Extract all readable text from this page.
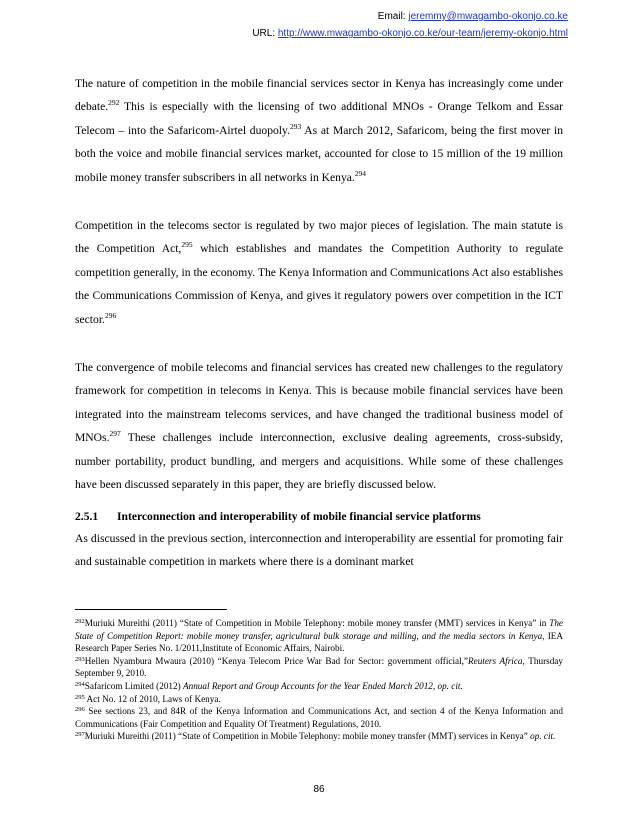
Email: jeremmy@mwagambo-okonjo.co.ke
URL: http://www.mwagambo-okonjo.co.ke/our-team/jeremy-okonjo.html

The nature of competition in the mobile financial services sector in Kenya has increasingly come under debate.$^{292}$ This is especially with the licensing of two additional MNOs - Orange Telkom and Essar Telecom – into the Safaricom-Airtel duopoly.$^{293}$ As at March 2012, Safaricom, being the first mover in both the voice and mobile financial services market, accounted for close to 15 million of the 19 million mobile money transfer subscribers in all networks in Kenya.$^{294}$

Competition in the telecoms sector is regulated by two major pieces of legislation. The main statute is the Competition Act,$^{295}$ which establishes and mandates the Competition Authority to regulate competition generally, in the economy. The Kenya Information and Communications Act also establishes the Communications Commission of Kenya, and gives it regulatory powers over competition in the ICT sector.$^{296}$

The convergence of mobile telecoms and financial services has created new challenges to the regulatory framework for competition in telecoms in Kenya. This is because mobile financial services have been integrated into the mainstream telecoms services, and have changed the traditional business model of MNOs.$^{297}$ These challenges include interconnection, exclusive dealing agreements, cross-subsidy, number portability, product bundling, and mergers and acquisitions. While some of these challenges have been discussed separately in this paper, they are briefly discussed below.

2.5.1 Interconnection and interoperability of mobile financial service platforms

As discussed in the previous section, interconnection and interoperability are essential for promoting fair and sustainable competition in markets where there is a dominant market

$^{292}$Muriuki Mureithi (2011) “State of Competition in Mobile Telephony: mobile money transfer (MMT) services in Kenya” in The State of Competition Report: mobile money transfer, agricultural bulk storage and milling, and the media sectors in Kenya, IEA Research Paper Series No. 1/2011,Institute of Economic Affairs, Nairobi.

$^{293}$Hellen Nyambura Mwaura (2010) “Kenya Telecom Price War Bad for Sector: government official,”Reuters Africa, Thursday September 9, 2010.

$^{294}$Safaricom Limited (2012) Annual Report and Group Accounts for the Year Ended March 2012, op. cit.

$^{295}$ Act No. 12 of 2010, Laws of Kenya.

$^{296}$ See sections 23, and 84R of the Kenya Information and Communications Act, and section 4 of the Kenya Information and Communications (Fair Competition and Equality Of Treatment) Regulations, 2010.

$^{297}$Muriuki Mureithi (2011) “State of Competition in Mobile Telephony: mobile money transfer (MMT) services in Kenya” op. cit.

86
